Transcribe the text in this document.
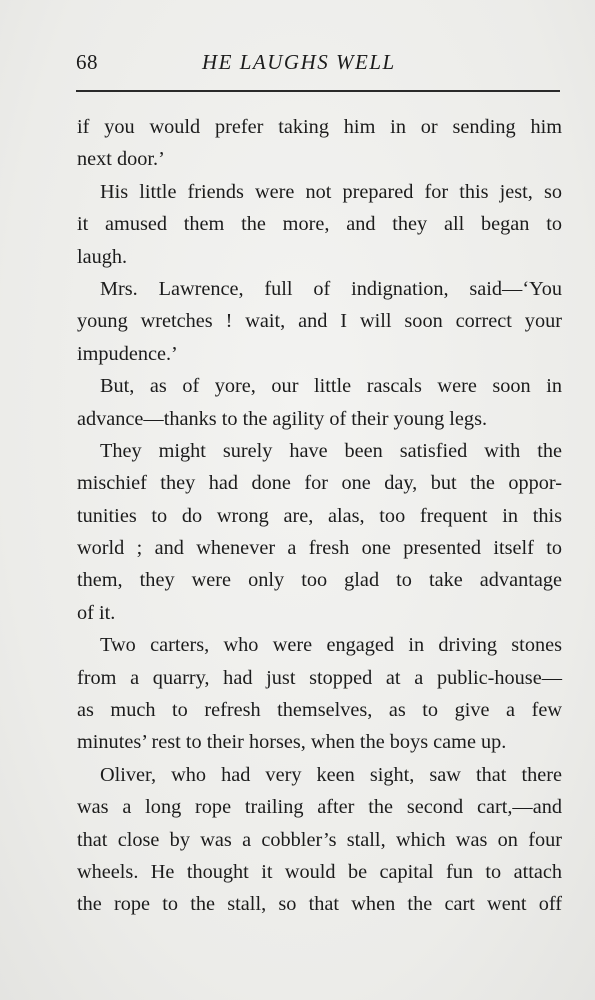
68	HE LAUGHS WELL
if you would prefer taking him in or sending him
next door.’
His little friends were not prepared for this jest, so
it amused them the more, and they all began to
laugh.
Mrs. Lawrence, full of indignation, said—‘You
young wretches ! wait, and I will soon correct your
impudence.’
But, as of yore, our little rascals were soon in
advance—thanks to the agility of their young legs.
They might surely have been satisfied with the
mischief they had done for one day, but the oppor-
tunities to do wrong are, alas, too frequent in this
world ; and whenever a fresh one presented itself to
them, they were only too glad to take advantage
of it.
Two carters, who were engaged in driving stones
from a quarry, had just stopped at a public-house—
as much to refresh themselves, as to give a few
minutes’ rest to their horses, when the boys came up.
Oliver, who had very keen sight, saw that there
was a long rope trailing after the second cart,—and
that close by was a cobbler’s stall, which was on four
wheels. He thought it would be capital fun to attach
the rope to the stall, so that when the cart went off
